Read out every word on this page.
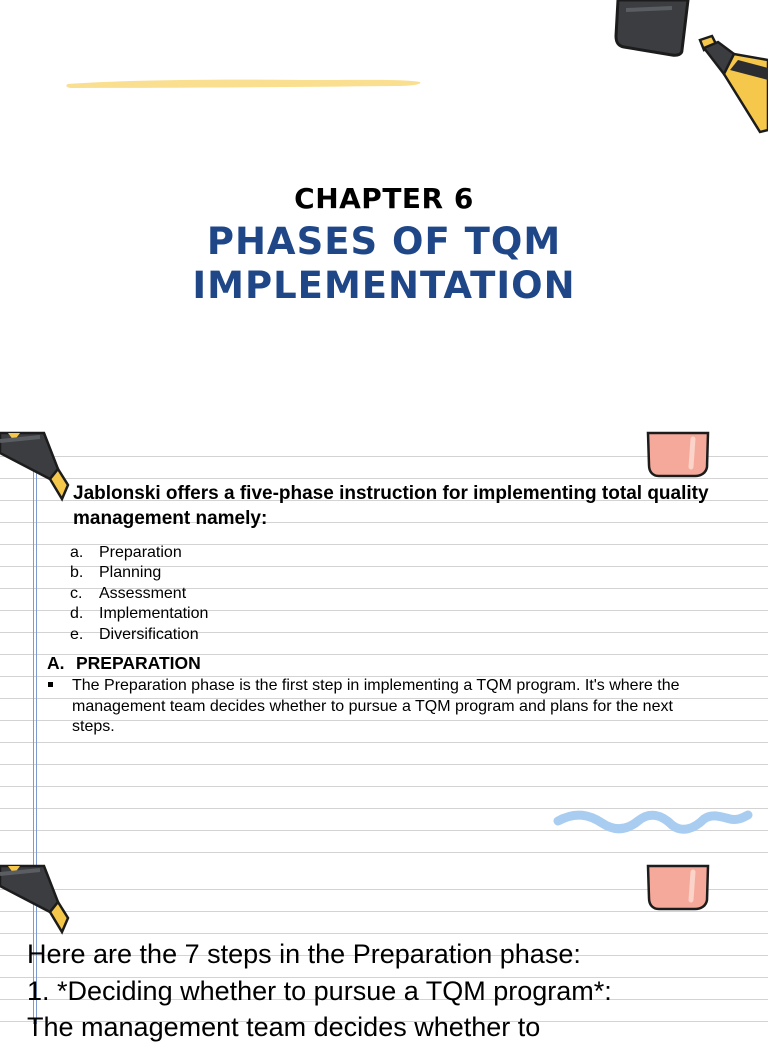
CHAPTER 6
PHASES OF TQM
IMPLEMENTATION
Jablonski offers a five-phase instruction for implementing total quality management namely:
a. Preparation
b. Planning
c.	Assessment
d. Implementation
e. Diversification
A. PREPARATION
The Preparation phase is the first step in implementing a TQM program. It's where the management team decides whether to pursue a TQM program and plans for the next steps.
Here are the 7 steps in the Preparation phase:
1. *Deciding whether to pursue a TQM program*:
The management team decides whether to
